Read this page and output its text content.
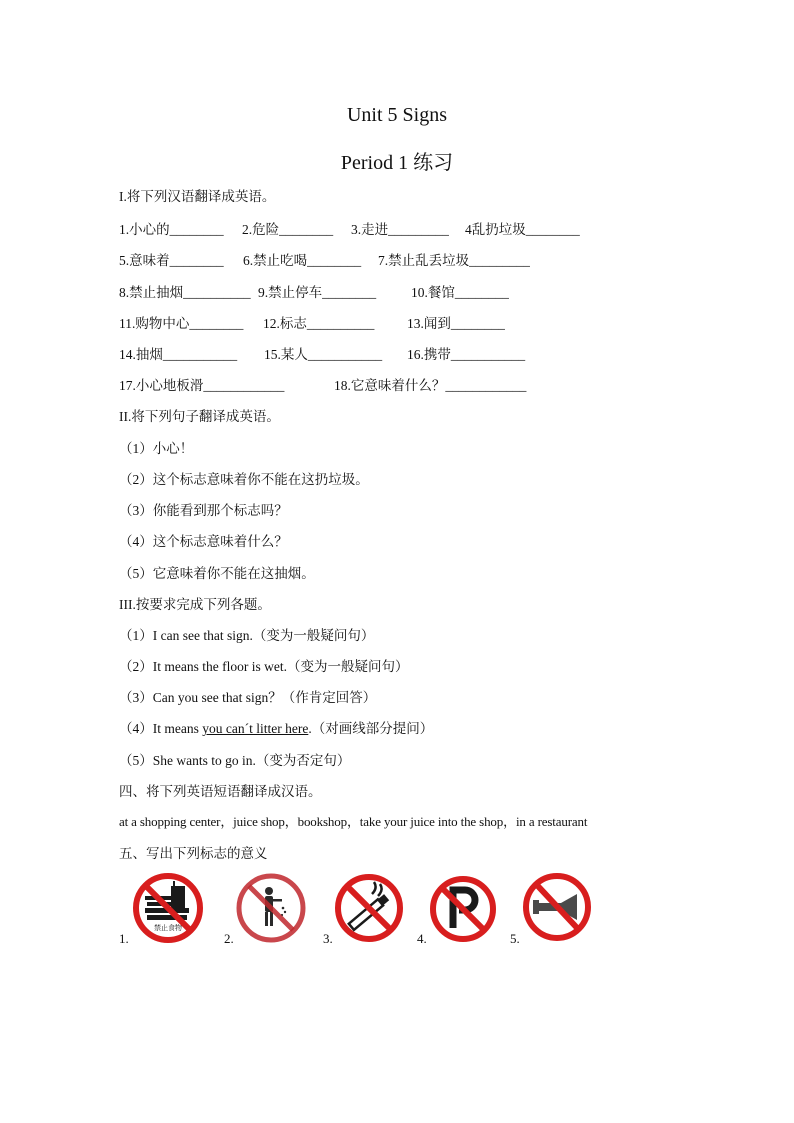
Unit 5 Signs
Period 1 练习
I.将下列汉语翻译成英语。
1.小心的________ 2.危险________ 3.走进_________ 4乱扔垃圾________
5.意味着________ 6.禁止吃喝________ 7.禁止乱丢垃圾_________
8.禁止抽烟__________ 9.禁止停车________	10.餐馆________
11.购物中心________ 12.标志__________ 13.闻到________
14.抽烟___________ 15.某人___________ 16.携带___________
17.小心地板滑____________	18.它意味着什么？____________
II.将下列句子翻译成英语。
（1）小心！
（2）这个标志意味着你不能在这扔垃圾。
（3）你能看到那个标志吗？
（4）这个标志意味着什么？
（5）它意味着你不能在这抽烟。
III.按要求完成下列各题。
（1）I can see that sign.（变为一般疑问句）
（2）It means the floor is wet.（变为一般疑问句）
（3）Can you see that sign？（作肯定回答）
（4）It means you can´t litter here.（对画线部分提问）
（5）She wants to go in.（变为否定句）
四、将下列英语短语翻译成汉语。
at a shopping center，juice shop，bookshop，take your juice into the shop，in a restaurant
五、写出下列标志的意义
1.	2.	3.	4.	5.
禁止食物
